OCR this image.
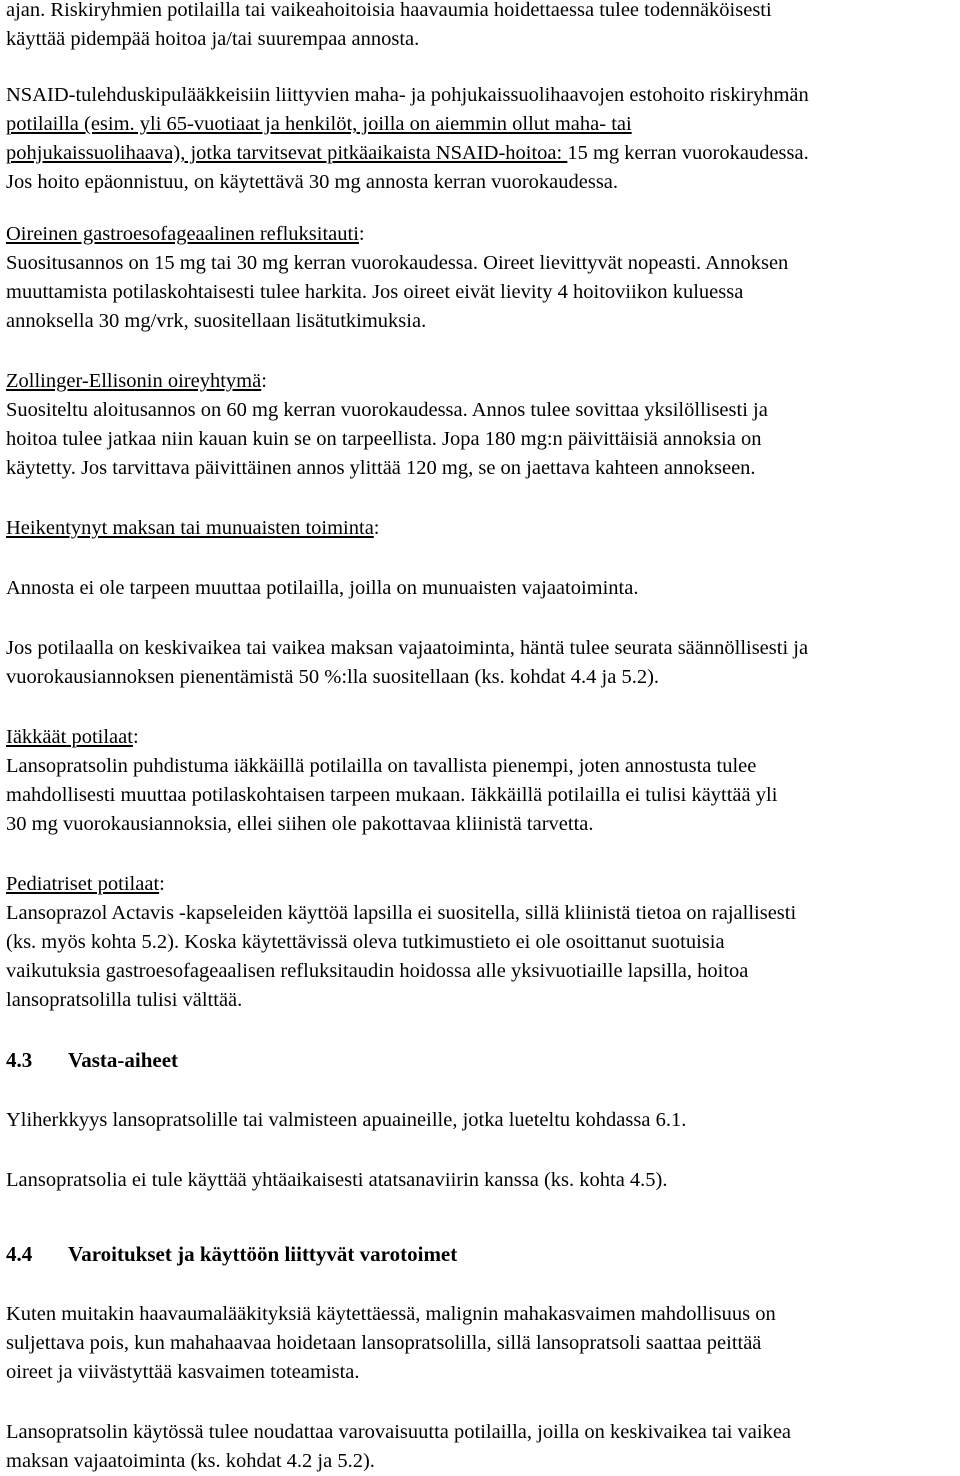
ajan. Riskiryhmien potilailla tai vaikeahoitoisia haavaumia hoidettaessa tulee todennäköisesti

käyttää pidempää hoitoa ja/tai suurempaa annosta.

NSAID-tulehduskipulääkkeisiin liittyvien maha- ja pohjukaissuolihaavojen estohoito riskiryhmän

potilailla (esim. yli 65-vuotiaat ja henkilöt, joilla on aiemmin ollut maha- tai

pohjukaissuolihaava), jotka tarvitsevat pitkäaikaista NSAID-hoitoa: 15 mg kerran vuorokaudessa.

Jos hoito epäonnistuu, on käytettävä 30 mg annosta kerran vuorokaudessa.

Oireinen gastroesofageaalinen refluksitauti:

Suositusannos on 15 mg tai 30 mg kerran vuorokaudessa. Oireet lievittyvät nopeasti. Annoksen

muuttamista potilaskohtaisesti tulee harkita. Jos oireet eivät lievity 4 hoitoviikon kuluessa

annoksella 30 mg/vrk, suositellaan lisätutkimuksia.

Zollinger-Ellisonin oireyhtymä:

Suositeltu aloitusannos on 60 mg kerran vuorokaudessa. Annos tulee sovittaa yksilöllisesti ja

hoitoa tulee jatkaa niin kauan kuin se on tarpeellista. Jopa 180 mg:n päivittäisiä annoksia on

käytetty. Jos tarvittava päivittäinen annos ylittää 120 mg, se on jaettava kahteen annokseen.

Heikentynyt maksan tai munuaisten toiminta:

Annosta ei ole tarpeen muuttaa potilailla, joilla on munuaisten vajaatoiminta.

Jos potilaalla on keskivaikea tai vaikea maksan vajaatoiminta, häntä tulee seurata säännöllisesti ja

vuorokausiannoksen pienentämistä 50 %:lla suositellaan (ks. kohdat 4.4 ja 5.2).

Iäkkäät potilaat:

Lansopratsolin puhdistuma iäkkäillä potilailla on tavallista pienempi, joten annostusta tulee

mahdollisesti muuttaa potilaskohtaisen tarpeen mukaan. Iäkkäillä potilailla ei tulisi käyttää yli

30 mg vuorokausiannoksia, ellei siihen ole pakottavaa kliinistä tarvetta.

Pediatriset potilaat:

Lansoprazol Actavis -kapseleiden käyttöä lapsilla ei suositella, sillä kliinistä tietoa on rajallisesti

(ks. myös kohta 5.2). Koska käytettävissä oleva tutkimustieto ei ole osoittanut suotuisia

vaikutuksia gastroesofageaalisen refluksitaudin hoidossa alle yksivuotiaille lapsilla, hoitoa

lansopratsolilla tulisi välttää.

4.3	Vasta-aiheet

Yliherkkyys lansopratsolille tai valmisteen apuaineille, jotka lueteltu kohdassa 6.1.

Lansopratsolia ei tule käyttää yhtäaikaisesti atatsanaviirin kanssa (ks. kohta 4.5).

4.4	Varoitukset ja käyttöön liittyvät varotoimet

Kuten muitakin haavaumalääkityksiä käytettäessä, malignin mahakasvaimen mahdollisuus on

suljettava pois, kun mahahaavaa hoidetaan lansopratsolilla, sillä lansopratsoli saattaa peittää

oireet ja viivästyttää kasvaimen toteamista.

Lansopratsolin käytössä tulee noudattaa varovaisuutta potilailla, joilla on keskivaikea tai vaikea

maksan vajaatoiminta (ks. kohdat 4.2 ja 5.2).
